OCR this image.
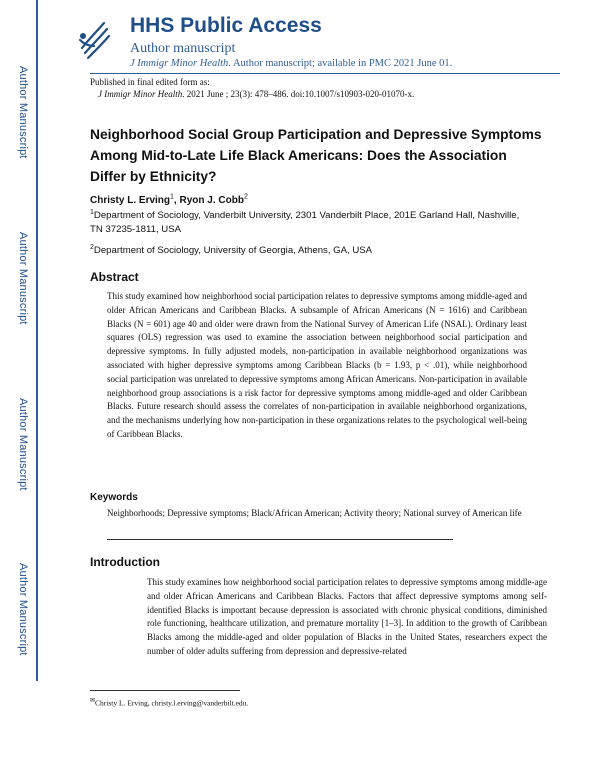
Author Manuscript
Author Manuscript
Author Manuscript
Author Manuscript
HHS Public Access
Author manuscript
J Immigr Minor Health. Author manuscript; available in PMC 2021 June 01.
Published in final edited form as:
J Immigr Minor Health. 2021 June ; 23(3): 478–486. doi:10.1007/s10903-020-01070-x.
Neighborhood Social Group Participation and Depressive Symptoms Among Mid-to-Late Life Black Americans: Does the Association Differ by Ethnicity?
Christy L. Erving$^1$, Ryon J. Cobb$^2$
$^1$Department of Sociology, Vanderbilt University, 2301 Vanderbilt Place, 201E Garland Hall, Nashville, TN 37235-1811, USA
$^2$Department of Sociology, University of Georgia, Athens, GA, USA
Abstract
This study examined how neighborhood social participation relates to depressive symptoms among middle-aged and older African Americans and Caribbean Blacks. A subsample of African Americans (N = 1616) and Caribbean Blacks (N = 601) age 40 and older were drawn from the National Survey of American Life (NSAL). Ordinary least squares (OLS) regression was used to examine the association between neighborhood social participation and depressive symptoms. In fully adjusted models, non-participation in available neighborhood organizations was associated with higher depressive symptoms among Caribbean Blacks (b = 1.93, p < .01), while neighborhood social participation was unrelated to depressive symptoms among African Americans. Non-participation in available neighborhood group associations is a risk factor for depressive symptoms among middle-aged and older Caribbean Blacks. Future research should assess the correlates of non-participation in available neighborhood organizations, and the mechanisms underlying how non-participation in these organizations relates to the psychological well-being of Caribbean Blacks.
Keywords
Neighborhoods; Depressive symptoms; Black/African American; Activity theory; National survey of American life
Introduction
This study examines how neighborhood social participation relates to depressive symptoms among middle-age and older African Americans and Caribbean Blacks. Factors that affect depressive symptoms among self-identified Blacks is important because depression is associated with chronic physical conditions, diminished role functioning, healthcare utilization, and premature mortality [1–3]. In addition to the growth of Caribbean Blacks among the middle-aged and older population of Blacks in the United States, researchers expect the number of older adults suffering from depression and depressive-related
✉Christy L. Erving, christy.l.erving@vanderbilt.edu.
